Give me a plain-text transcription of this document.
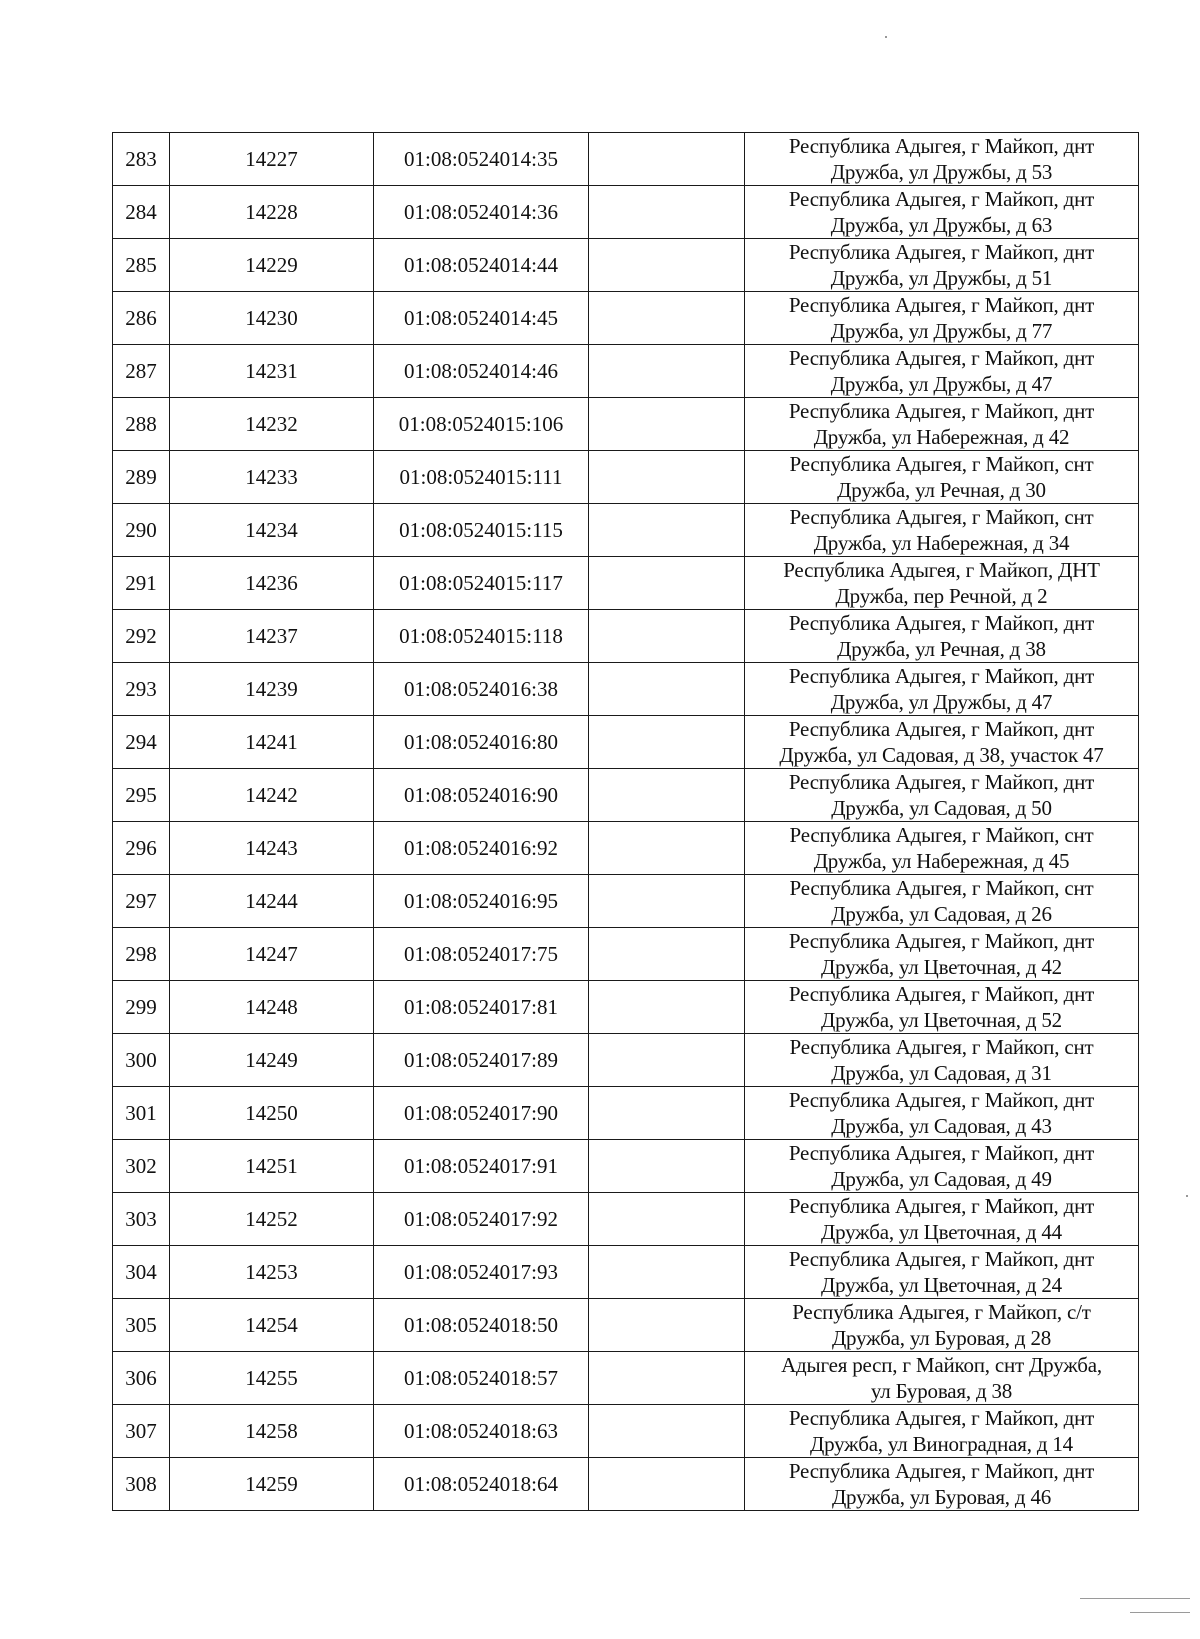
283	14227	01:08:0524014:35		Республика Адыгея, г Майкоп, днт
Дружба, ул Дружбы, д 53

284	14228	01:08:0524014:36		Республика Адыгея, г Майкоп, днт
Дружба, ул Дружбы, д 63

285	14229	01:08:0524014:44		Республика Адыгея, г Майкоп, днт
Дружба, ул Дружбы, д 51

286	14230	01:08:0524014:45		Республика Адыгея, г Майкоп, днт
Дружба, ул Дружбы, д 77

287	14231	01:08:0524014:46		Республика Адыгея, г Майкоп, днт
Дружба, ул Дружбы, д 47

288	14232	01:08:0524015:106		Республика Адыгея, г Майкоп, днт
Дружба, ул Набережная, д 42

289	14233	01:08:0524015:111		Республика Адыгея, г Майкоп, снт
Дружба, ул Речная, д 30

290	14234	01:08:0524015:115		Республика Адыгея, г Майкоп, снт
Дружба, ул Набережная, д 34

291	14236	01:08:0524015:117		Республика Адыгея, г Майкоп, ДНТ
Дружба, пер Речной, д 2

292	14237	01:08:0524015:118		Республика Адыгея, г Майкоп, днт
Дружба, ул Речная, д 38

293	14239	01:08:0524016:38		Республика Адыгея, г Майкоп, днт
Дружба, ул Дружбы, д 47

294	14241	01:08:0524016:80		Республика Адыгея, г Майкоп, днт
Дружба, ул Садовая, д 38, участок 47

295	14242	01:08:0524016:90		Республика Адыгея, г Майкоп, днт
Дружба, ул Садовая, д 50

296	14243	01:08:0524016:92		Республика Адыгея, г Майкоп, снт
Дружба, ул Набережная, д 45

297	14244	01:08:0524016:95		Республика Адыгея, г Майкоп, снт
Дружба, ул Садовая, д 26

298	14247	01:08:0524017:75		Республика Адыгея, г Майкоп, днт
Дружба, ул Цветочная, д 42

299	14248	01:08:0524017:81		Республика Адыгея, г Майкоп, днт
Дружба, ул Цветочная, д 52

300	14249	01:08:0524017:89		Республика Адыгея, г Майкоп, снт
Дружба, ул Садовая, д 31

301	14250	01:08:0524017:90		Республика Адыгея, г Майкоп, днт
Дружба, ул Садовая, д 43

302	14251	01:08:0524017:91		Республика Адыгея, г Майкоп, днт
Дружба, ул Садовая, д 49

303	14252	01:08:0524017:92		Республика Адыгея, г Майкоп, днт
Дружба, ул Цветочная, д 44

304	14253	01:08:0524017:93		Республика Адыгея, г Майкоп, днт
Дружба, ул Цветочная, д 24

305	14254	01:08:0524018:50		Республика Адыгея, г Майкоп, с/т
Дружба, ул Буровая, д 28

306	14255	01:08:0524018:57		Адыгея респ, г Майкоп, снт Дружба,
ул Буровая, д 38

307	14258	01:08:0524018:63		Республика Адыгея, г Майкоп, днт
Дружба, ул Виноградная, д 14

308	14259	01:08:0524018:64		Республика Адыгея, г Майкоп, днт
Дружба, ул Буровая, д 46
